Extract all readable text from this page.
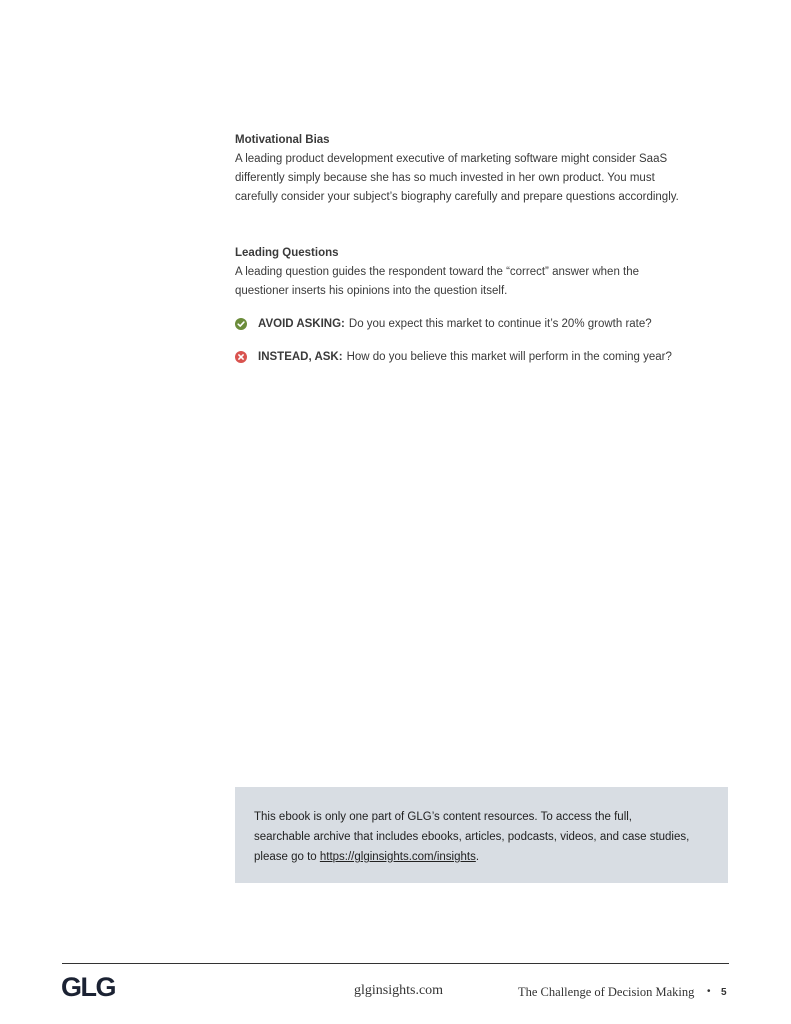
Motivational Bias
A leading product development executive of marketing software might consider SaaS
differently simply because she has so much invested in her own product. You must
carefully consider your subject’s biography carefully and prepare questions accordingly.
Leading Questions
A leading question guides the respondent toward the “correct” answer when the
questioner inserts his opinions into the question itself.
AVOID ASKING: Do you expect this market to continue it’s 20% growth rate?
INSTEAD, ASK: How do you believe this market will perform in the coming year?
This ebook is only one part of GLG’s content resources. To access the full,
searchable archive that includes ebooks, articles, podcasts, videos, and case studies,
please go to https://glginsights.com/insights.
GLG	glginsights.com	The Challenge of Decision Making • 5
